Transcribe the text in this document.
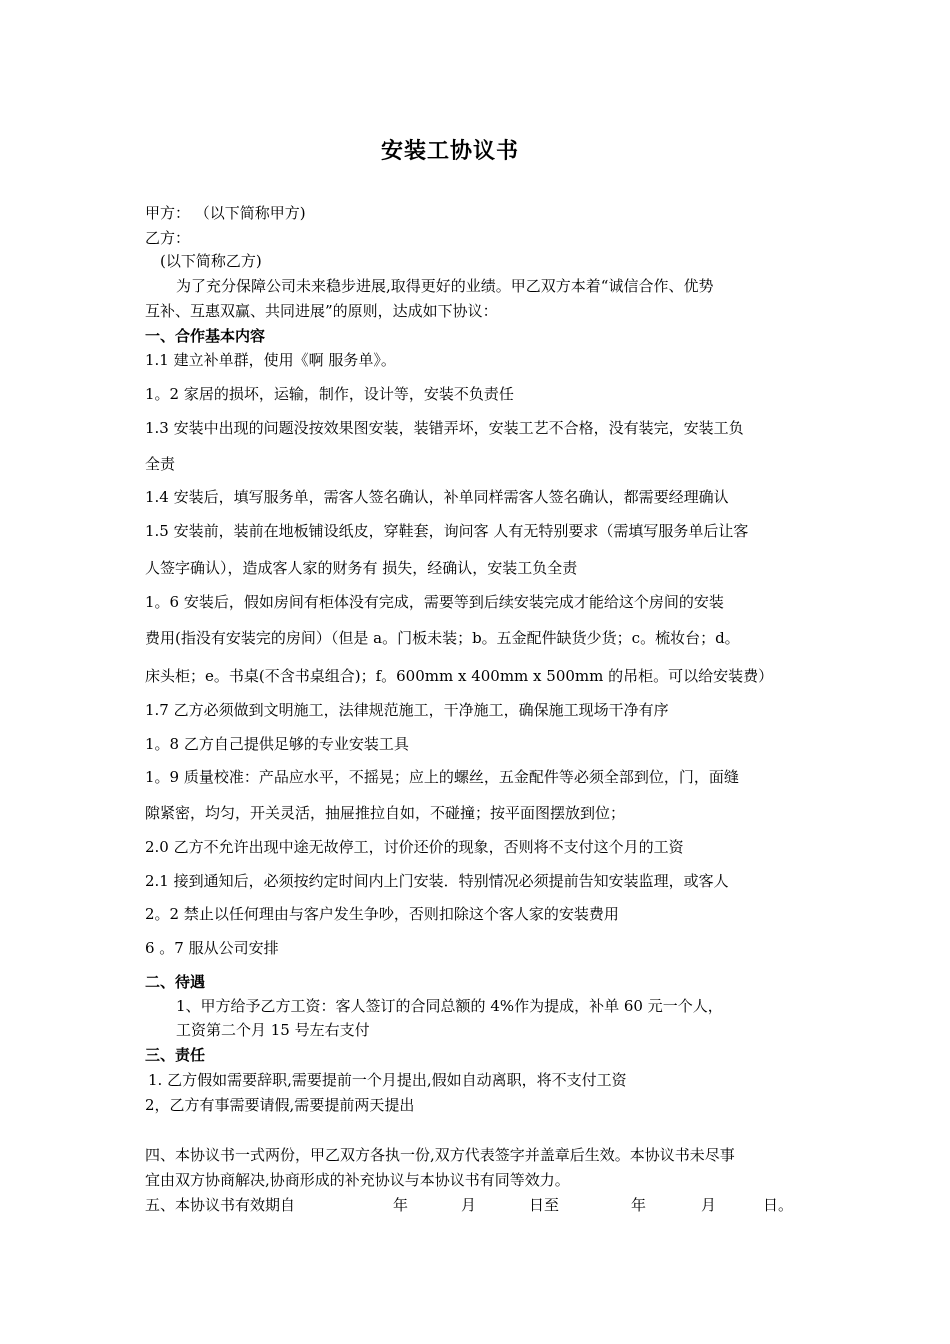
安装工协议书
甲方： （以下简称甲方)
乙方：
(以下简称乙方)
为了充分保障公司未来稳步进展,取得更好的业绩。甲乙双方本着“诚信合作、优势
互补、互惠双赢、共同进展”的原则，达成如下协议：
一、合作基本内容
1.1 建立补单群，使用《啊 服务单》。
1。2 家居的损坏，运输，制作，设计等，安装不负责任
1.3 安装中出现的问题没按效果图安装，装错弄坏，安装工艺不合格，没有装完，安装工负
全责
1.4 安装后，填写服务单，需客人签名确认，补单同样需客人签名确认，都需要经理确认
1.5 安装前，装前在地板铺设纸皮，穿鞋套，询问客 人有无特别要求（需填写服务单后让客
人签字确认），造成客人家的财务有 损失，经确认，安装工负全责
1。6 安装后，假如房间有柜体没有完成，需要等到后续安装完成才能给这个房间的安装
费用(指没有安装完的房间）（但是 a。门板未装；b。五金配件缺货少货；c。梳妆台；d。
床头柜；e。书桌(不含书桌组合)；f。600mm x 400mm x 500mm 的吊柜。可以给安装费）
1.7 乙方必须做到文明施工，法律规范施工，干净施工，确保施工现场干净有序
1。8 乙方自己提供足够的专业安装工具
1。9 质量校准：产品应水平，不摇晃；应上的螺丝，五金配件等必须全部到位，门，面缝
隙紧密，均匀，开关灵活，抽屉推拉自如，不碰撞；按平面图摆放到位；
2.0 乙方不允许出现中途无故停工，讨价还价的现象，否则将不支付这个月的工资
2.1 接到通知后，必须按约定时间内上门安装．特别情况必须提前告知安装监理，或客人
2。2 禁止以任何理由与客户发生争吵，否则扣除这个客人家的安装费用
6 。7 服从公司安排
二、待遇
1、甲方给予乙方工资：客人签订的合同总额的 4%作为提成，补单 60 元一个人，
工资第二个月 15 号左右支付
三、责任
1. 乙方假如需要辞职,需要提前一个月提出,假如自动离职，将不支付工资
2，乙方有事需要请假,需要提前两天提出
四、本协议书一式两份，甲乙双方各执一份,双方代表签字并盖章后生效。本协议书未尽事
宜由双方协商解决,协商形成的补充协议与本协议书有同等效力。
五、本协议书有效期自	年	月	日至	年	月	日。
